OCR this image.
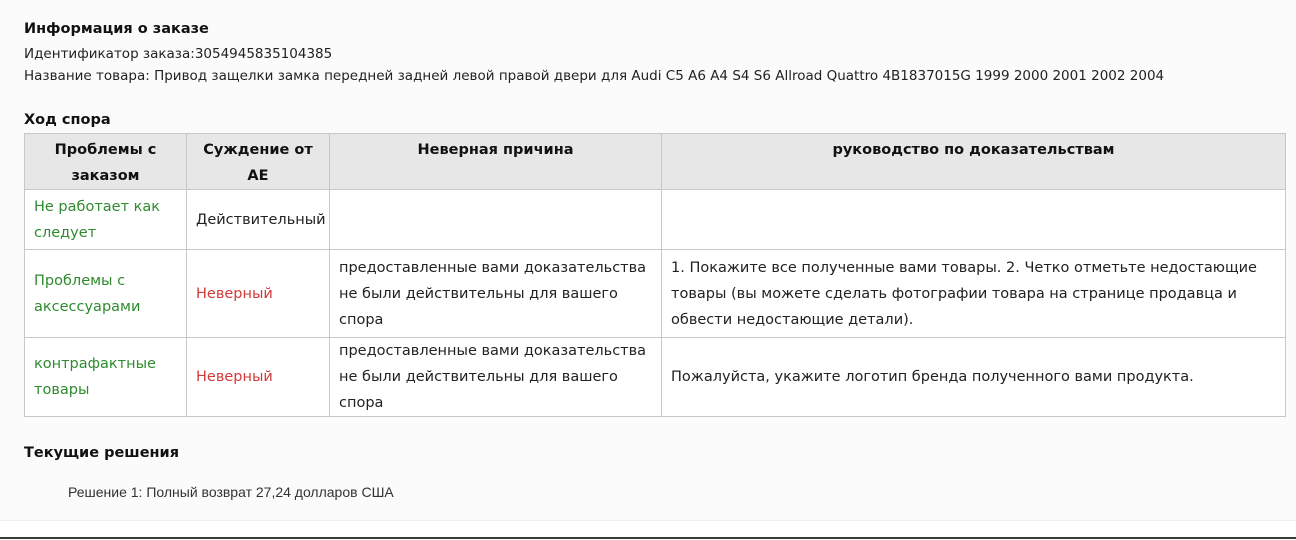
Информация о заказе
Идентификатор заказа:3054945835104385
Название товара: Привод защелки замка передней задней левой правой двери для Audi C5 A6 A4 S4 S6 Allroad Quattro 4B1837015G 1999 2000 2001 2002 2004
Ход спора
Проблемы с заказом	Суждение от AE	Неверная причина	руководство по доказательствам
Не работает как следует	Действительный		
Проблемы с аксессуарами	Неверный	предоставленные вами доказательства не были действительны для вашего спора	1. Покажите все полученные вами товары. 2. Четко отметьте недостающие товары (вы можете сделать фотографии товара на странице продавца и обвести недостающие детали).
контрафактные товары	Неверный	предоставленные вами доказательства не были действительны для вашего спора	Пожалуйста, укажите логотип бренда полученного вами продукта.
Текущие решения
Решение 1: Полный возврат 27,24 долларов США
